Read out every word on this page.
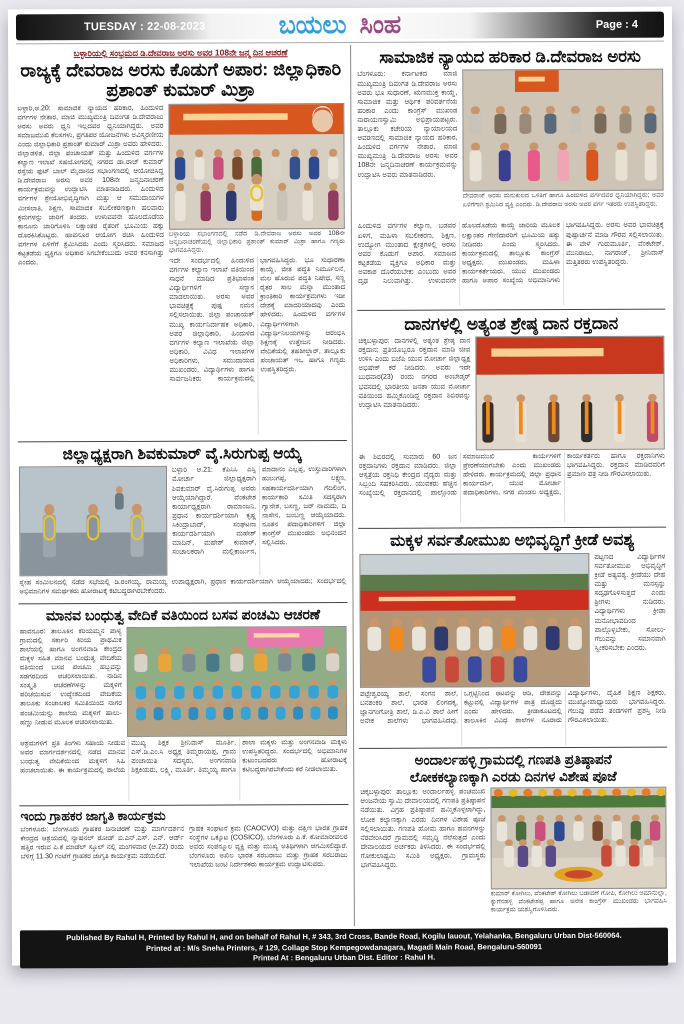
TUESDAY : 22-08-2023	ಬಯಲು ಸಿಂಹ	Page : 4
ಬಳ್ಳಾರಿಯಲ್ಲಿ ಸಂಭ್ರಮದ ಡಿ.ದೇವರಾಜ ಅರಸು ಅವರ 108ನೇ ಜನ್ಮ ದಿನ ಆಚರಣೆ
ರಾಜ್ಯಕ್ಕೆ ದೇವರಾಜ ಅರಸು ಕೊಡುಗೆ ಅಪಾರ: ಜಿಲ್ಲಾಧಿಕಾರಿ ಪ್ರಶಾಂತ್ ಕುಮಾರ್ ಮಿಶ್ರಾ
ಬಳ್ಳಾರಿ,ಆ.20: ಸಾಮಾಜಿಕ ನ್ಯಾಯದ ಹರಿಕಾರ, ಹಿಂದುಳಿದ ವರ್ಗಗಳ ನೇತಾರ, ಮಾಜಿ ಮುಖ್ಯಮಂತ್ರಿ ದಿವಂಗತ ಡಿ.ದೇವರಾಜು ಅರಸು ಅವರು ಧ್ವನಿ ಇಲ್ಲದವರ ಧ್ವನಿಯಾಗಿದ್ದರು. ಅವರ ಸಮಾಜಮುಖಿ ಕೆಲಸಗಳು, ಪ್ರಗತಿಪರ ಯೋಜನೆಗಳು ಅವಿಸ್ಮರಣೀಯ ಎಂದು ಜಿಲ್ಲಾಧಿಕಾರಿ ಪ್ರಶಾಂತ್ ಕುಮಾರ್ ಮಿಶ್ರಾ ಅವರು ಹೇಳಿದರು. ಜಿಲ್ಲಾಡಳಿತ, ಜಿಲ್ಲಾ ಪಂಚಾಯತ್ ಮತ್ತು ಹಿಂದುಳಿದ ವರ್ಗಗಳ ಕಲ್ಯಾಣ ಇಲಾಖೆ ಸಹಯೋಗದಲ್ಲಿ ನಗರದ ಡಾ.ರಾಜ್ ಕುಮಾರ್ ರಸ್ತೆಯ ಫುಟ್ ಬಾಲ್ ಮೈದಾನದ ಸಭಾಂಗಣದಲ್ಲಿ ಆಯೋಜಿಸಿದ್ದ ಡಿ.ದೇವರಾಜ ಅರಸು ಅವರ 108ನೇ ಜನ್ಮದಿನಾಚರಣೆ ಕಾರ್ಯಕ್ರಮವನ್ನು ಉದ್ಘಾಟಿಸಿ ಮಾತನಾಡಿದರು. ಹಿಂದುಳಿದ ವರ್ಗಗಳ ಶ್ರೇಯೋಭಿವೃದ್ಧಿಗಾಗಿ ಮತ್ತು ಆ ಸಮುದಾಯಗಳ ಮೀಸಲಾತಿ, ಶಿಕ್ಷಣ, ಸಾಮಾಜಿಕ ಸಬಲೀಕರಣಕ್ಕಾಗಿ ಹಲವಾರು ಕ್ರಮಗಳನ್ನು ಜಾರಿಗೆ ತಂದರು. ಉಳುವವನೇ ಹೊಲದೊಡೆಯ ಕಾನೂನು ಜಾರಿಗೊಳಿಸಿ ಲಕ್ಷಾಂತರ ರೈತರಿಗೆ ಭೂಮಿಯ ಹಕ್ಕು ದೊರಕಿಸಿಕೊಟ್ಟರು. ಹಾವನೂರ ಆಯೋಗ ರಚಿಸಿ ಹಿಂದುಳಿದ ವರ್ಗಗಳ ಏಳಿಗೆಗೆ ಶ್ರಮಿಸಿದರು ಎಂದು ಸ್ಮರಿಸಿದರು. ಸಮಾಜದ ಕಟ್ಟಕಡೆಯ ವ್ಯಕ್ತಿಗೂ ಅಧಿಕಾರ ಸಿಗಬೇಕೆಂಬುದು ಅವರ ಕನಸಾಗಿತ್ತು ಎಂದರು.
ಬಳ್ಳಾರಿಯ ಸಭಾಂಗಣದಲ್ಲಿ ನಡೆದ ಡಿ.ದೇವರಾಜ ಅರಸು ಅವರ 108ನೇ ಜನ್ಮದಿನಾಚರಣೆಯಲ್ಲಿ ಜಿಲ್ಲಾಧಿಕಾರಿ ಪ್ರಶಾಂತ್ ಕುಮಾರ್ ಮಿಶ್ರಾ ಹಾಗೂ ಗಣ್ಯರು ಭಾಗವಹಿಸಿದ್ದರು.
ಇದೇ ಸಂದರ್ಭದಲ್ಲಿ ಹಿಂದುಳಿದ ವರ್ಗಗಳ ಕಲ್ಯಾಣ ಇಲಾಖೆ ವತಿಯಿಂದ ಸಾಧನೆ ಮಾಡಿದ ಪ್ರತಿಭಾವಂತ ವಿದ್ಯಾರ್ಥಿಗಳಿಗೆ ಸನ್ಮಾನ ಮಾಡಲಾಯಿತು. ಅರಸು ಅವರ ಭಾವಚಿತ್ರಕ್ಕೆ ಪುಷ್ಪ ನಮನ ಸಲ್ಲಿಸಲಾಯಿತು. ಜಿಲ್ಲಾ ಪಂಚಾಯತ್ ಮುಖ್ಯ ಕಾರ್ಯನಿರ್ವಾಹಕ ಅಧಿಕಾರಿ, ಅಪರ ಜಿಲ್ಲಾಧಿಕಾರಿ, ಹಿಂದುಳಿದ ವರ್ಗಗಳ ಕಲ್ಯಾಣ ಇಲಾಖೆಯ ಜಿಲ್ಲಾ ಅಧಿಕಾರಿ, ವಿವಿಧ ಇಲಾಖೆಗಳ ಅಧಿಕಾರಿಗಳು, ಸಮುದಾಯದ ಮುಖಂಡರು, ವಿದ್ಯಾರ್ಥಿಗಳು ಹಾಗೂ ಸಾರ್ವಜನಿಕರು ಕಾರ್ಯಕ್ರಮದಲ್ಲಿ ಭಾಗವಹಿಸಿದ್ದರು. ಭೂ ಸುಧಾರಣಾ ಕಾಯ್ದೆ, ಜೀತ ಪದ್ಧತಿ ನಿರ್ಮೂಲನೆ, ಮಲ ಹೊರುವ ಪದ್ಧತಿ ನಿಷೇಧ, ಸಣ್ಣ ರೈತರ ಸಾಲ ಮನ್ನಾ ಮುಂತಾದ ಕ್ರಾಂತಿಕಾರಿ ಕಾರ್ಯಕ್ರಮಗಳು ಇಡೀ ದೇಶಕ್ಕೆ ಮಾದರಿಯಾದವು ಎಂದು ಹೇಳಿದರು. ಹಿಂದುಳಿದ ವರ್ಗಗಳ ವಿದ್ಯಾರ್ಥಿಗಳಿಗಾಗಿ ವಿದ್ಯಾರ್ಥಿನಿಲಯಗಳನ್ನು ಆರಂಭಿಸಿ ಶಿಕ್ಷಣಕ್ಕೆ ಉತ್ತೇಜನ ನೀಡಿದರು. ವೇದಿಕೆಯಲ್ಲಿ ತಹಶೀಲ್ದಾರ್, ತಾಲ್ಲೂಕು ಪಂಚಾಯತ್ ಇಒ ಹಾಗೂ ಗಣ್ಯರು ಉಪಸ್ಥಿತರಿದ್ದರು.
ಜಿಲ್ಲಾಧ್ಯಕ್ಷರಾಗಿ ಶಿವಕುಮಾರ್ ವೈ.ಸಿರುಗುಪ್ಪ ಆಯ್ಕೆ
ಬಳ್ಳಾರಿ ಆ.21: ಕೆಪಿಸಿಸಿ ಎಸ್ಸಿ ಮೋರ್ಚಾ ಜಿಲ್ಲಾಧ್ಯಕ್ಷರಾಗಿ ಶಿವಕುಮಾರ್ ವೈ.ಸಿರುಗುಪ್ಪ ಅವರು ಆಯ್ಕೆಯಾಗಿದ್ದಾರೆ. ವೆಂಕಟೇಶ ಕಾರ್ಯಾಧ್ಯಕ್ಷರಾಗಿ ರಾಮಾಂಜನಿ, ಪ್ರಧಾನ ಕಾರ್ಯದರ್ಶಿಯಾಗಿ ಕೃಷ್ಣ ಸಿಕಿಂದ್ರಾಬಾದ್, ಸಂಘಟನಾ ಕಾರ್ಯದರ್ಶಿಯಾಗಿ ಮಹೇಶ್ ಮಾದಿನ್, ಮಹೇಶ್ ಕುಮಾರ್, ಸಂಚಾಲಕರಾಗಿ ಮಲ್ಲಿಕಾರ್ಜುನ, ಮಾದಾನಂ ಎಲ್ಲಪ್ಪ, ಉಸ್ತುವಾರಿಗಳಾಗಿ ಹುಲುಗಪ್ಪ, ಲಕ್ಷ್ಮಣ, ಸಹಕಾರ್ಯದರ್ಶಿಯಾಗಿ ಗೆದಿಲಿಂಗ, ಕಾರ್ಯಕಾರಿ ಸಮಿತಿ ಸದಸ್ಯರಾಗಿ ಗ್ಯಾನೇಶ, ಬಸಣ್ಣ, ಜರ್ ನಾಮದು, ದಿ ನಾಸೇನ, ಜಂಬಣ್ಣ ಆಯ್ಕೆಯಾದರು. ನೂತನ ಪದಾಧಿಕಾರಿಗಳಿಗೆ ಜಿಲ್ಲಾ ಕಾಂಗ್ರೆಸ್ ಮುಖಂಡರು ಅಭಿನಂದನೆ ಸಲ್ಲಿಸಿದರು.
ಸ್ನೇಹ ಸಂಮಿಲನದಲ್ಲಿ ನಡೆದ ಸಭೆಯಲ್ಲಿ ಡಿ.ರಂಗಯ್ಯ, ರಾಮಯ್ಯ ಉಪಾಧ್ಯಕ್ಷರಾಗಿ, ಪ್ರಧಾನ ಕಾರ್ಯದರ್ಶಿಯಾಗಿ ಆಯ್ಕೆಯಾದರು; ಸಂದರ್ಭದಲ್ಲಿ ಅಭಿಮಾನಿಗಳ ಸಮರ್ಥಕರು ಹೋರಾಟಕ್ಕೆ ಕಟಿಬದ್ಧರಾಗಿರಬೇಕೆಂದರು.
ಮಾನವ ಬಂಧುತ್ವ ವೇದಿಕೆ ವತಿಯಿಂದ ಬಸವ ಪಂಚಮಿ ಆಚರಣೆ
ಹಾವನೂರ: ತಾಲೂಕಿನ ಕರಿಯಮ್ಮನ ಪಾಳ್ಯ ಗ್ರಾಮದಲ್ಲಿ ಸರ್ಕಾರಿ ಕಿರಿಯ ಪ್ರಾಥಮಿಕ ಶಾಲೆಯಲ್ಲಿ ಹಾಗೂ ಅಂಗನವಾಡಿ ಕೇಂದ್ರದ ಮಕ್ಕಳ ಸಹಿತ ಮಾನವ ಬಂಧುತ್ವ ವೇದಿಕೆಯ ವತಿಯಿಂದ ಬಸವ ಪಂಚಮಿ ಹಬ್ಬವನ್ನು ಸಡಗರದಿಂದ ಆಚರಿಸಲಾಯಿತು. ನಾಡಿನ ಸಂಸ್ಕೃತಿ ಆಚರಣೆಗಳನ್ನು ಮಕ್ಕಳಿಗೆ ಪರಿಚಯಿಸುವ ಉದ್ದೇಶದಿಂದ ವೇದಿಕೆಯ ತಾಲೂಕು ಸಂಚಾಲಕರ ಸಮಿತಿಯಿಂದ ನಾಗರ ಪಂಚಮಿಯನ್ನು ಶಾಲೆಯ ಮಕ್ಕಳಿಗೆ ಹಾಲು-ಹಣ್ಣು ನೀಡುವ ಮೂಲಕ ಆಚರಿಸಲಾಯಿತು.
ಆಶ್ರಮಗಳಿಗೆ ಪ್ರತಿ ತಿಂಗಳು ಸಹಾಯ ನೀಡುವ ಅವರ ಮಾರ್ಗದರ್ಶನದಲ್ಲಿ ನಡೆದ ಮಾನವ ಬಂಧುತ್ವ ವೇದಿಕೆಯಿಂದ ಮಕ್ಕಳಿಗೆ ಸಿಹಿ ಹಂಚಲಾಯಿತು. ಈ ಕಾರ್ಯಕ್ರಮದಲ್ಲಿ ಶಾಲೆಯ ಮುಖ್ಯ ಶಿಕ್ಷಕ ಶ್ರೀನಿವಾಸ್ ಮೂರ್ತಿ, ಎಸ್.ಡಿ.ಎಂ.ಸಿ ಅಧ್ಯಕ್ಷ ತಿಮ್ಮರಾಯಪ್ಪ, ಗ್ರಾಮ ಪಂಚಾಯಿತಿ ಸದಸ್ಯರು, ಅಂಗನವಾಡಿ ಶಿಕ್ಷಕಿಯರು, ಲಕ್ಷ್ಮಿ, ಮೂರ್ತಿ, ತಿಮ್ಮಯ್ಯ ಹಾಗೂ ಶಾಲಾ ಮಕ್ಕಳು ಮತ್ತು ಅಂಗನವಾಡಿ ಮಕ್ಕಳು ಉಪಸ್ಥಿತರಿದ್ದರು. ಸಂದರ್ಭದಲ್ಲಿ ಅಭಿಮಾನಿಗಳ ಕುಟುಂಬದವರು ಹೋರಾಟಕ್ಕೆ ಕಟಿಬದ್ಧರಾಗಿರಬೇಕೆಂದು ಕರೆ ನೀಡಲಾಯಿತು.
ಇಂದು ಗ್ರಾಹಕರ ಜಾಗೃತಿ ಕಾರ್ಯಕ್ರಮ
ಬೆಂಗಳೂರು: ಬೆಂಗಳೂರು ಗ್ರಾಹಕರ ದಿನಾಚರಣೆ ಮತ್ತು ಮಾರ್ಗದರ್ಶನ ಕೇಂದ್ರದ ಆಶ್ರಯದಲ್ಲಿ ನ್ಯಾಷನಲ್ ರೋಡ್ ಬಿ.ಎನ್.ಎಸ್. ಎನ್. ಆರ್ಡ್ ಹತ್ತಿರ ಇರುವ ಪಿ.ಕೆ ಮಾಡೆಲ್ ಸ್ಕೂಲ್ ನಲ್ಲಿ ಮಂಗಳವಾರ (ಆ.22) ರಂದು ಬೆಳಿಗ್ಗೆ 11.30 ಗಂಟೆಗೆ ಗ್ರಾಹಕರ ಜಾಗೃತಿ ಕಾರ್ಯಕ್ರಮ ನಡೆಯಲಿದೆ.
ಗ್ರಾಹಕ ಸಂಘಟನೆ ಕ್ರಮ (CAOCVO) ಮತ್ತು ದಕ್ಷಿಣ ಭಾರತ ಗ್ರಾಹಕ ಸಂಸ್ಥೆಗಳ ಒಕ್ಕೂಟ (COSICO), ಬೆಂಗಳೂರು ಪಿ.ಕೆ. ಕೋಮಾರೀವಲರ ಅವರು ಸಂಪನ್ಮೂಲ ವ್ಯಕ್ತಿ ಮತ್ತು ಮುಖ್ಯ ಅತಿಥಿಗಳಾಗಿ ಆಗಮಿಸಲಿದ್ದಾರೆ. ಬೆಂಗಳೂರು ಅಖಿಲ ಭಾರತ ಸರಬರಾಜು ಮತ್ತು ಗ್ರಾಹಕ ಸರಬರಾಜು ಇಲಾಖೆಯ ಜಂಟಿ ನಿರ್ದೇಶಕರು ಕಾರ್ಯಕ್ರಮ ಉದ್ಘಾಟಿಸುವರು.
ಸಾಮಾಜಿಕ ನ್ಯಾಯದ ಹರಿಕಾರ ಡಿ.ದೇವರಾಜ ಅರಸು
ಬೆಂಗಳೂರು: ಕರ್ನಾಟಕದ ಮಾಜಿ ಮುಖ್ಯಮಂತ್ರಿ ದಿವಂಗತ ಡಿ.ದೇವರಾಜ ಅರಸು ಅವರು ಭೂ ಸುಧಾರಣೆ, ಋಣಮುಕ್ತ ಕಾಯ್ದೆ, ಸಾಮಾಜಿಕ ಮತ್ತು ಆರ್ಥಿಕ ಪರಿವರ್ತನೆಯ ಹರಿಕಾರ ಎಂದು ಕಾಂಗ್ರೆಸ್ ಮುಖಂಡ ನಾರಾಯಣಸ್ವಾಮಿ ಅಭಿಪ್ರಾಯಪಟ್ಟರು. ತಾಲ್ಲೂಕು ಕಚೇರಿಯ ನ್ಯಾಯಾಲಯದ ಆವರಣದಲ್ಲಿ ಸಾಮಾಜಿಕ ನ್ಯಾಯದ ಹರಿಕಾರ, ಹಿಂದುಳಿದ ವರ್ಗಗಳ ನೇತಾರ, ಮಾಜಿ ಮುಖ್ಯಮಂತ್ರಿ ಡಿ.ದೇವರಾಜ ಅರಸು ಅವರ 108ನೇ ಜನ್ಮದಿನಾಚರಣೆ ಕಾರ್ಯಕ್ರಮವನ್ನು ಉದ್ಘಾಟಿಸಿ ಅವರು ಮಾತನಾಡಿದರು.
ದೇವರಾಜ್ ಅರಸು ಮನುಕುಲದ ಒಳಿತಿಗೆ ಹಾಗೂ ಹಿಂದುಳಿದ ವರ್ಗದವರ ಧ್ವನಿಯಾಗಿದ್ದರು; ಅವರ ಏಳಿಗೆಗಾಗಿ ಶ್ರಮಿಸಿದ ವ್ಯಕ್ತಿ ಎಂದರು. ಡಿ.ದೇವರಾಜ ಅರಸು ಅವರ ವರ್ಗ ಇತರರು ಉಪಸ್ಥಿತರಿದ್ದರು.
ಹಿಂದುಳಿದ ವರ್ಗಗಳ ಕಲ್ಯಾಣ, ಬಡವರ ಏಳಿಗೆ, ಮಹಿಳಾ ಸಬಲೀಕರಣ, ಶಿಕ್ಷಣ, ಉದ್ಯೋಗ ಮುಂತಾದ ಕ್ಷೇತ್ರಗಳಲ್ಲಿ ಅರಸು ಅವರ ಕೊಡುಗೆ ಅಪಾರ. ಸಮಾಜದ ಕಟ್ಟಕಡೆಯ ವ್ಯಕ್ತಿಗೂ ಅಧಿಕಾರ ಮತ್ತು ಅವಕಾಶ ದೊರೆಯಬೇಕು ಎಂಬುದು ಅವರ ದೃಢ ನಿಲುವಾಗಿತ್ತು. ಉಳುವವನೇ ಹೊಲದೊಡೆಯ ಕಾಯ್ದೆ ಜಾರಿಯ ಮೂಲಕ ಲಕ್ಷಾಂತರ ಗೇಣಿದಾರರಿಗೆ ಭೂಮಿಯ ಹಕ್ಕು ನೀಡಿದರು ಎಂದು ಸ್ಮರಿಸಿದರು. ಕಾರ್ಯಕ್ರಮದಲ್ಲಿ ತಾಲ್ಲೂಕು ಕಾಂಗ್ರೆಸ್ ಅಧ್ಯಕ್ಷರು, ಮುಖಂಡರು, ಮಹಿಳಾ ಕಾರ್ಯಕರ್ತೆಯರು, ಯುವ ಮುಖಂಡರು ಹಾಗೂ ಅಪಾರ ಸಂಖ್ಯೆಯ ಅಭಿಮಾನಿಗಳು ಭಾಗವಹಿಸಿದ್ದರು. ಅರಸು ಅವರ ಭಾವಚಿತ್ರಕ್ಕೆ ಪುಷ್ಪಾರ್ಚನೆ ಮಾಡಿ ಗೌರವ ಸಲ್ಲಿಸಲಾಯಿತು. ಈ ವೇಳೆ ಗುರುಮೂರ್ತಿ, ವೆಂಕಟೇಶ್, ಮುನಿರಾಜು, ನಾಗರಾಜ್, ಶ್ರೀನಿವಾಸ್ ಮತ್ತಿತರರು ಉಪಸ್ಥಿತರಿದ್ದರು.
ದಾನಗಳಲ್ಲಿ ಅತ್ಯಂತ ಶ್ರೇಷ್ಠ ದಾನ ರಕ್ತದಾನ
ಚಿಕ್ಕಬಳ್ಳಾಪುರ: ದಾನಗಳಲ್ಲಿ ಅತ್ಯಂತ ಶ್ರೇಷ್ಠ ದಾನ ರಕ್ತದಾನ; ಪ್ರತಿಯೊಬ್ಬರೂ ರಕ್ತದಾನ ಮಾಡಿ ಜೀವ ಉಳಿಸಿ ಎಂದು ಬಿಜೆಪಿ ಯುವ ಮೋರ್ಚಾ ಜಿಲ್ಲಾಧ್ಯಕ್ಷ ಅಭಿಷೇಕ್ ಕರೆ ನೀಡಿದರು. ಅವರು ಇದೇ ಬುಧವಾರ(23) ರಂದು ನಗರದ ಅಂಬೇಡ್ಕರ್ ಭವನದಲ್ಲಿ ಭಾರತೀಯ ಜನತಾ ಯುವ ಮೋರ್ಚಾ ವತಿಯಿಂದ ಹಮ್ಮಿಕೊಂಡಿದ್ದ ರಕ್ತದಾನ ಶಿಬಿರವನ್ನು ಉದ್ಘಾಟಿಸಿ ಮಾತನಾಡಿದರು.
ಈ ಶಿಬಿರದಲ್ಲಿ ಸುಮಾರು 60 ಜನ ರಕ್ತದಾನಿಗಳು ರಕ್ತದಾನ ಮಾಡಿದರು. ಜಿಲ್ಲಾ ಆಸ್ಪತ್ರೆಯ ರಕ್ತನಿಧಿ ಕೇಂದ್ರದ ವೈದ್ಯರು ಮತ್ತು ಸಿಬ್ಬಂದಿ ಸಹಕರಿಸಿದರು. ಯುವಕರು ಹೆಚ್ಚಿನ ಸಂಖ್ಯೆಯಲ್ಲಿ ರಕ್ತದಾನದಲ್ಲಿ ಪಾಲ್ಗೊಂಡು ಸಮಾಜಮುಖಿ ಕಾರ್ಯಗಳಿಗೆ ಪ್ರೇರಣೆಯಾಗಬೇಕು ಎಂದು ಮುಖಂಡರು ಹೇಳಿದರು. ಕಾರ್ಯಕ್ರಮದಲ್ಲಿ ಜಿಲ್ಲಾ ಪ್ರಧಾನ ಕಾರ್ಯದರ್ಶಿ, ಯುವ ಮೋರ್ಚಾ ಪದಾಧಿಕಾರಿಗಳು, ನಗರ ಮಂಡಲ ಅಧ್ಯಕ್ಷರು, ಕಾರ್ಯಕರ್ತರು ಹಾಗೂ ರಕ್ತದಾನಿಗಳು ಭಾಗವಹಿಸಿದ್ದರು. ರಕ್ತದಾನ ಮಾಡಿದವರಿಗೆ ಪ್ರಮಾಣ ಪತ್ರ ನೀಡಿ ಗೌರವಿಸಲಾಯಿತು.
ಮಕ್ಕಳ ಸರ್ವತೋಮುಖ ಅಭಿವೃದ್ಧಿಗೆ ಕ್ರೀಡೆ ಅವಶ್ಯ
ಪಟ್ಟಣದ ವಿದ್ಯಾರ್ಥಿಗಳ ಸರ್ವತೋಮುಖ ಅಭಿವೃದ್ಧಿಗೆ ಕ್ರೀಡೆ ಅತ್ಯವಶ್ಯ. ಕ್ರೀಡೆಯು ದೇಹ ಮತ್ತು ಮನಸ್ಸನ್ನು ಸದೃಢಗೊಳಿಸುತ್ತದೆ ಎಂದು ಶ್ರೀಗಳು ನುಡಿದರು. ವಿದ್ಯಾರ್ಥಿಗಳು ಕ್ರೀಡಾ ಮನೋಭಾವದಿಂದ ಪಾಲ್ಗೊಳ್ಳಬೇಕು, ಸೋಲು-ಗೆಲುವನ್ನು ಸಮಾನವಾಗಿ ಸ್ವೀಕರಿಸಬೇಕು ಎಂದರು.
ಪಟ್ಟೇಶ್ವರಯ್ಯ ಶಾಲೆ, ಸಂಗನ ಶಾಲೆ, ಬನಶಂಕರಿ ಶಾಲೆ, ಭಾರತ ಲಿಂಗದಕ್ಕ, ಜ್ಞಾನಗಂಗೋತ್ರಿ ಶಾಲೆ, ಡಿ.ಎ.ವಿ ಶಾಲೆ ಹೀಗೆ ಅನೇಕ ಶಾಲೆಗಳು ಭಾಗವಹಿಸಿದವು. ಒಗ್ಗಟ್ಟಿನಿಂದ ಆಟವನ್ನು ಆಡಿ, ದೇಶವನ್ನು ಕಟ್ಟುವಲ್ಲಿ ವಿದ್ಯಾರ್ಥಿಗಳ ಪಾತ್ರ ದೊಡ್ಡದು ಎಂದು ಹೇಳಿದರು. ಕ್ರೀಡಾಕೂಟದಲ್ಲಿ ತಾಲೂಕಿನ ವಿವಿಧ ಶಾಲೆಗಳ ನೂರಾರು ವಿದ್ಯಾರ್ಥಿಗಳು, ದೈಹಿಕ ಶಿಕ್ಷಣ ಶಿಕ್ಷಕರು, ಮುಖ್ಯೋಪಾಧ್ಯಾಯರು ಭಾಗವಹಿಸಿದ್ದರು. ಗೆಲುವು ಪಡೆದ ತಂಡಗಳಿಗೆ ಪ್ರಶಸ್ತಿ ನೀಡಿ ಗೌರವಿಸಲಾಯಿತು.
ಅಂದಾರ್ಲಹಳ್ಳಿ ಗ್ರಾಮದಲ್ಲಿ ಗಣಪತಿ ಪ್ರತಿಷ್ಠಾಪನೆ
ಲೋಕಕಲ್ಯಾಣಕ್ಕಾಗಿ ಎರಡು ದಿನಗಳ ವಿಶೇಷ ಪೂಜೆ
ಚಿಕ್ಕಬಳ್ಳಾಪುರ: ತಾಲ್ಲೂಕು ಅಂದಾರ್ಲಹಳ್ಳಿ ಪಂಚಮುಖಿ ಆಂಜನೇಯ ಸ್ವಾಮಿ ದೇವಾಲಯದಲ್ಲಿ ಗಣಪತಿ ಪ್ರತಿಷ್ಠಾಪನೆ ನಡೆಯಿತು. ವಿಗ್ರಹ ಪ್ರತಿಷ್ಠಾಪನೆ ಹಮ್ಮಿಕೊಳ್ಳಲಾಗಿದ್ದು, ಲೋಕ ಕಲ್ಯಾಣಕ್ಕಾಗಿ ಎರಡು ದಿನಗಳ ವಿಶೇಷ ಪೂಜೆ ಸಲ್ಲಿಸಲಾಯಿತು. ಗಣಪತಿ ಹೋಮ ಹಾಗೂ ಹವನಗಳನ್ನು ನೆರವೇರಿಸಿದರೆ ಗ್ರಾಮದಲ್ಲಿ ಸಮೃದ್ಧಿ ನೆಲೆಸುತ್ತದೆ ಎಂದು ದೇವಾಲಯದ ಅರ್ಚಕರು ತಿಳಿಸಿದರು. ಈ ಸಂದರ್ಭದಲ್ಲಿ ಗೋಕುಲಾಷ್ಟಮಿ ಸಮಿತಿ ಅಧ್ಯಕ್ಷರು, ಗ್ರಾಮಸ್ಥರು ಭಾಗವಹಿಸಿದ್ದರು.
ಕುಮಾರ್ ಕೋಗಿಲು, ವೆಂಕಟೇಶ್ ಕೋಗಿಲು ಬಡಾವಣೆ ಗೋಪಿ, ಕೋಗಿಲು ಅಮಾನುಲ್ಲಾ, ಕ್ಯುಗೆನಹಳ್ಳಿ ವೆಂಕಟೇಶಪ್ಪ ಹಾಗೂ ಅನೇಕ ಕಾಂಗ್ರೆಸ್ ಮುಖಂಡರು ಭಾಗವಹಿಸಿ ಕಾರ್ಯಕ್ರಮ ಯಶಸ್ವಿಗೊಳಿಸಿದರು.
Published By Rahul H, Printed by Rahul H, and on behalf of Rahul H, # 343, 3rd Cross, Bande Road, Kogilu lauout, Yelahanka, Bengaluru Urban Dist-560064.
Printed at : M/s Sneha Printers, # 129, Collage Stop Kempegowdanagara, Magadi Main Road, Bengaluru-560091
Printed At : Bengaluru Urban Dist. Editor : Rahul H.
